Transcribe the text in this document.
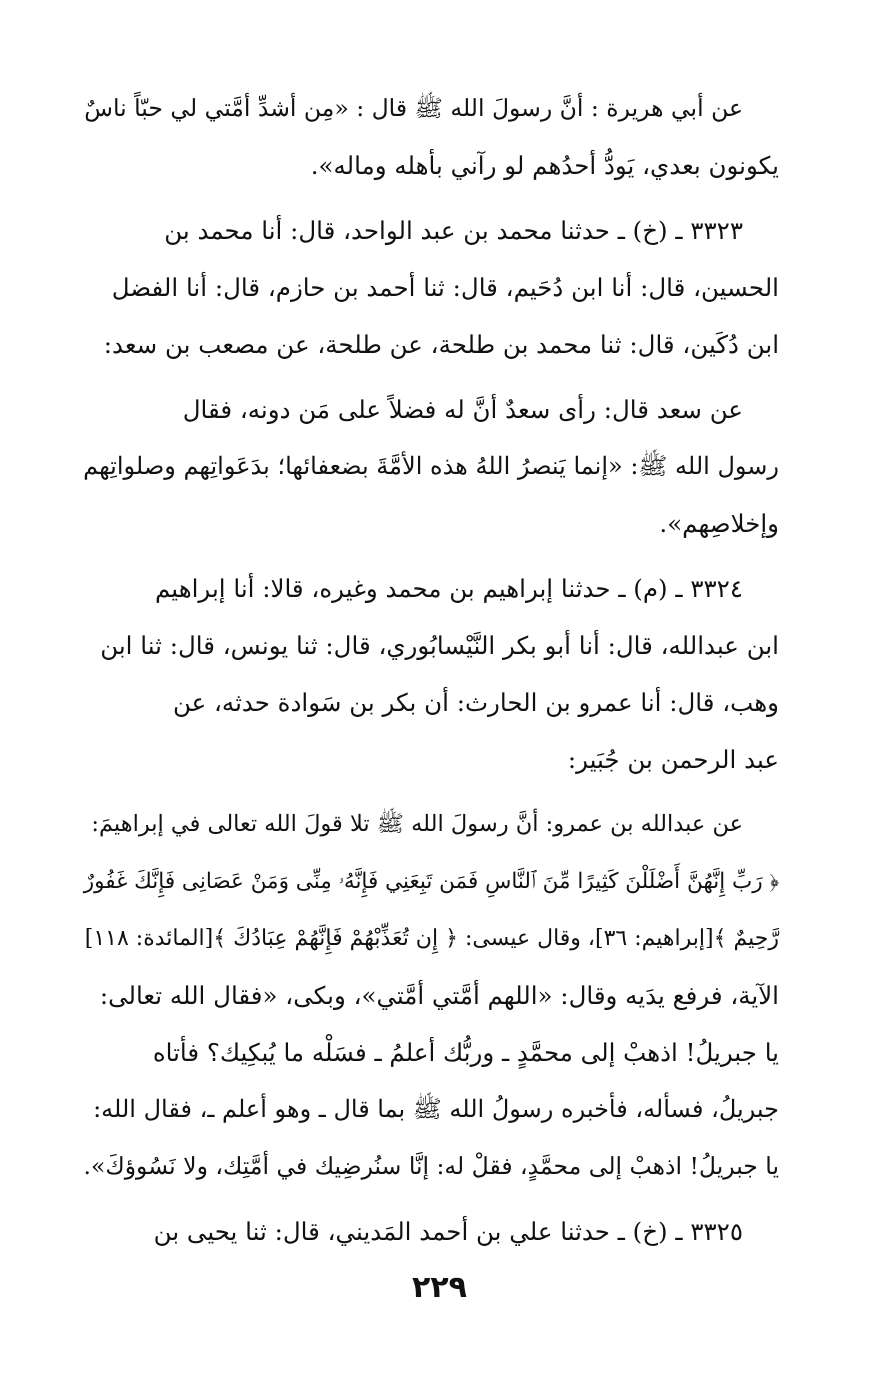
عن أبي هريرة : أنَّ رسولَ الله ﷺ قال : «مِن أشدِّ أمَّتي لي حبّاً ناسٌ
يكونون بعدي، يَودُّ أحدُهم لو رآني بأهله وماله».
٣٣٢٣ ـ (خ) ـ حدثنا محمد بن عبد الواحد، قال: أنا محمد بن
الحسين، قال: أنا ابن دُحَيم، قال: ثنا أحمد بن حازم، قال: أنا الفضل
ابن دُكَين، قال: ثنا محمد بن طلحة، عن طلحة، عن مصعب بن سعد:
عن سعد قال: رأى سعدٌ أنَّ له فضلاً على مَن دونه، فقال
رسول الله ﷺ: «إنما يَنصرُ اللهُ هذه الأمَّةَ بضعفائها؛ بدَعَواتِهم وصلواتِهم
وإخلاصِهم».
٣٣٢٤ ـ (م) ـ حدثنا إبراهيم بن محمد وغيره، قالا: أنا إبراهيم
ابن عبدالله، قال: أنا أبو بكر النَّيْسابُوري، قال: ثنا يونس، قال: ثنا ابن
وهب، قال: أنا عمرو بن الحارث: أن بكر بن سَوادة حدثه، عن
عبد الرحمن بن جُبَير:
عن عبدالله بن عمرو: أنَّ رسولَ الله ﷺ تلا قولَ الله تعالى في إبراهيمَ:
﴿ رَبِّ إِنَّهُنَّ أَضْلَلْنَ كَثِيرًا مِّنَ ٱلنَّاسِ فَمَن تَبِعَنِي فَإِنَّهُۥ مِنِّى وَمَنْ عَصَانِى فَإِنَّكَ غَفُورٌ
رَّحِيمٌ ﴾[إبراهيم: ٣٦]، وقال عيسى: ﴿ إِن تُعَذِّبْهُمْ فَإِنَّهُمْ عِبَادُكَ ﴾[المائدة: ١١٨]
الآية، فرفع يدَيه وقال: «اللهم أمَّتي أمَّتي»، وبكى، «فقال الله تعالى:
يا جبريلُ! اذهبْ إلى محمَّدٍ ـ وربُّك أعلمُ ـ فسَلْه ما يُبكِيك؟ فأتاه
جبريلُ، فسأله، فأخبره رسولُ الله ﷺ بما قال ـ وهو أعلم ـ، فقال الله:
يا جبريلُ! اذهبْ إلى محمَّدٍ، فقلْ له: إنَّا سنُرضِيك في أمَّتِك، ولا نَسُوؤكَ».
٣٣٢٥ ـ (خ) ـ حدثنا علي بن أحمد المَديني، قال: ثنا يحيى بن
٢٢٩
